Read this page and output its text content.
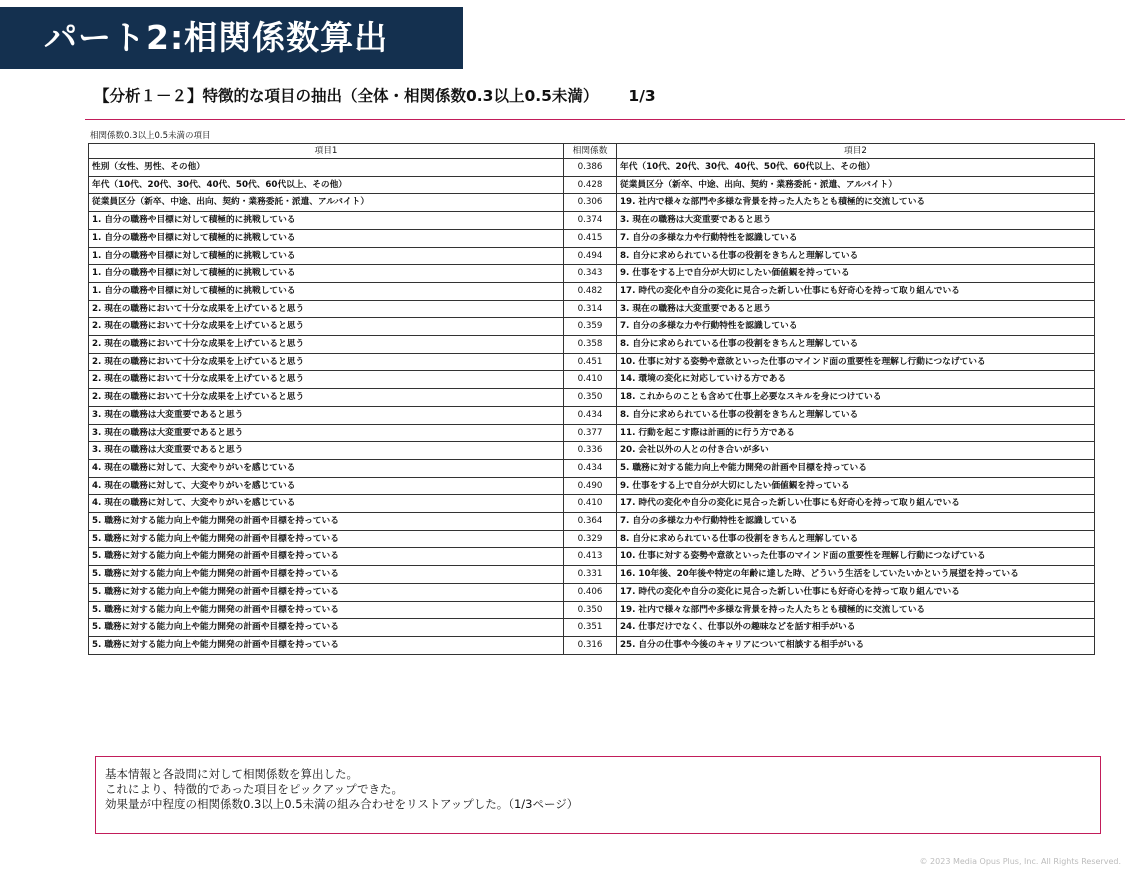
パート2:相関係数算出
【分析１－２】特徴的な項目の抽出（全体・相関係数0.3以上0.5未満） 1/3
相関係数0.3以上0.5未満の項目
項目1	相関係数	項目2
性別（女性、男性、その他）	0.386	年代（10代、20代、30代、40代、50代、60代以上、その他）
年代（10代、20代、30代、40代、50代、60代以上、その他）	0.428	従業員区分（新卒、中途、出向、契約・業務委託・派遣、アルバイト）
従業員区分（新卒、中途、出向、契約・業務委託・派遣、アルバイト）	0.306	19. 社内で様々な部門や多様な背景を持った人たちとも積極的に交流している
1. 自分の職務や目標に対して積極的に挑戦している	0.374	3. 現在の職務は大変重要であると思う
1. 自分の職務や目標に対して積極的に挑戦している	0.415	7. 自分の多様な力や行動特性を認識している
1. 自分の職務や目標に対して積極的に挑戦している	0.494	8. 自分に求められている仕事の役割をきちんと理解している
1. 自分の職務や目標に対して積極的に挑戦している	0.343	9. 仕事をする上で自分が大切にしたい価値観を持っている
1. 自分の職務や目標に対して積極的に挑戦している	0.482	17. 時代の変化や自分の変化に見合った新しい仕事にも好奇心を持って取り組んでいる
2. 現在の職務において十分な成果を上げていると思う	0.314	3. 現在の職務は大変重要であると思う
2. 現在の職務において十分な成果を上げていると思う	0.359	7. 自分の多様な力や行動特性を認識している
2. 現在の職務において十分な成果を上げていると思う	0.358	8. 自分に求められている仕事の役割をきちんと理解している
2. 現在の職務において十分な成果を上げていると思う	0.451	10. 仕事に対する姿勢や意欲といった仕事のマインド面の重要性を理解し行動につなげている
2. 現在の職務において十分な成果を上げていると思う	0.410	14. 環境の変化に対応していける方である
2. 現在の職務において十分な成果を上げていると思う	0.350	18. これからのことも含めて仕事上必要なスキルを身につけている
3. 現在の職務は大変重要であると思う	0.434	8. 自分に求められている仕事の役割をきちんと理解している
3. 現在の職務は大変重要であると思う	0.377	11. 行動を起こす際は計画的に行う方である
3. 現在の職務は大変重要であると思う	0.336	20. 会社以外の人との付き合いが多い
4. 現在の職務に対して、大変やりがいを感じている	0.434	5. 職務に対する能力向上や能力開発の計画や目標を持っている
4. 現在の職務に対して、大変やりがいを感じている	0.490	9. 仕事をする上で自分が大切にしたい価値観を持っている
4. 現在の職務に対して、大変やりがいを感じている	0.410	17. 時代の変化や自分の変化に見合った新しい仕事にも好奇心を持って取り組んでいる
5. 職務に対する能力向上や能力開発の計画や目標を持っている	0.364	7. 自分の多様な力や行動特性を認識している
5. 職務に対する能力向上や能力開発の計画や目標を持っている	0.329	8. 自分に求められている仕事の役割をきちんと理解している
5. 職務に対する能力向上や能力開発の計画や目標を持っている	0.413	10. 仕事に対する姿勢や意欲といった仕事のマインド面の重要性を理解し行動につなげている
5. 職務に対する能力向上や能力開発の計画や目標を持っている	0.331	16. 10年後、20年後や特定の年齢に達した時、どういう生活をしていたいかという展望を持っている
5. 職務に対する能力向上や能力開発の計画や目標を持っている	0.406	17. 時代の変化や自分の変化に見合った新しい仕事にも好奇心を持って取り組んでいる
5. 職務に対する能力向上や能力開発の計画や目標を持っている	0.350	19. 社内で様々な部門や多様な背景を持った人たちとも積極的に交流している
5. 職務に対する能力向上や能力開発の計画や目標を持っている	0.351	24. 仕事だけでなく、仕事以外の趣味などを話す相手がいる
5. 職務に対する能力向上や能力開発の計画や目標を持っている	0.316	25. 自分の仕事や今後のキャリアについて相談する相手がいる
基本情報と各設問に対して相関係数を算出した。
これにより、特徴的であった項目をピックアップできた。
効果量が中程度の相関係数0.3以上0.5未満の組み合わせをリストアップした。（1/3ページ）
© 2023 Media Opus Plus, Inc. All Rights Reserved.
